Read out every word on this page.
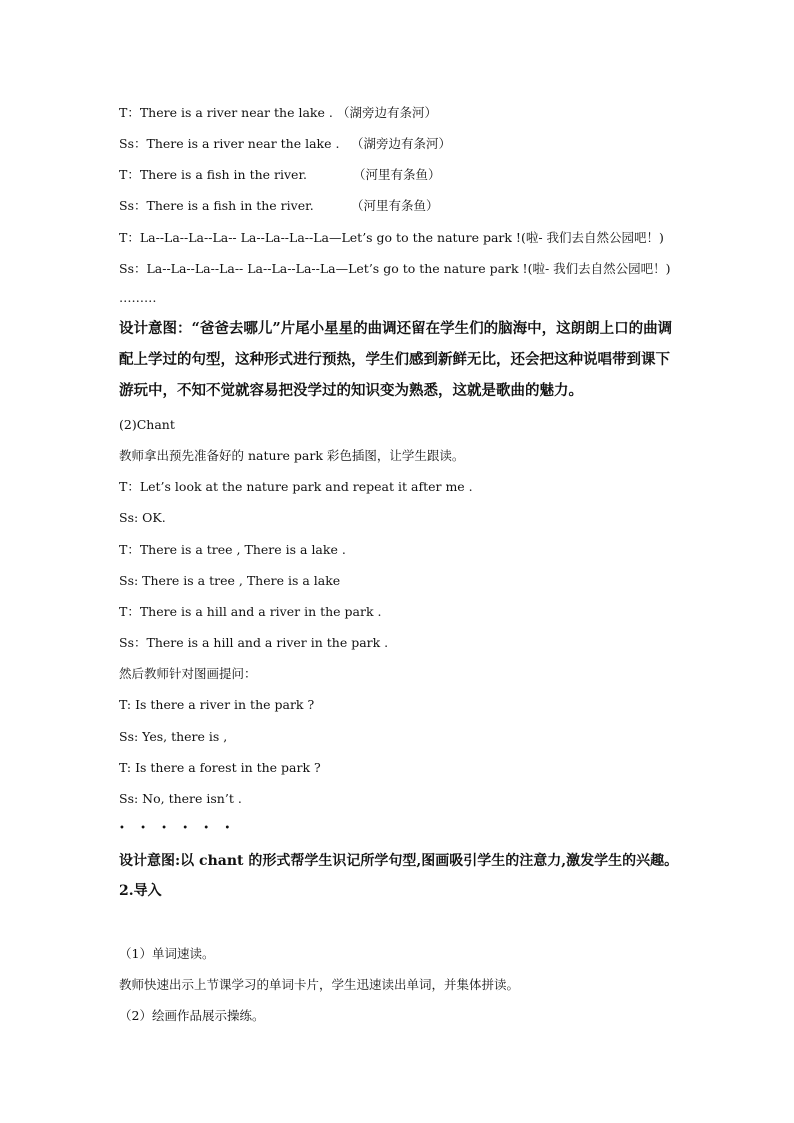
T：There is a river near the lake . （湖旁边有条河）
Ss：There is a river near the lake . （湖旁边有条河）
T：There is a fish in the river.	（河里有条鱼）
Ss：There is a fish in the river.	（河里有条鱼）
T：La--La--La--La-- La--La--La--La—Let’s go to the nature park !(啦- 我们去自然公园吧！)
Ss：La--La--La--La-- La--La--La--La—Let’s go to the nature park !(啦- 我们去自然公园吧！)
………
设计意图：“爸爸去哪儿”片尾小星星的曲调还留在学生们的脑海中，这朗朗上口的曲调配上学过的句型，这种形式进行预热，学生们感到新鲜无比，还会把这种说唱带到课下游玩中，不知不觉就容易把没学过的知识变为熟悉，这就是歌曲的魅力。
(2)Chant
教师拿出预先准备好的 nature park 彩色插图，让学生跟读。
T：Let’s look at the nature park and repeat it after me .
Ss: OK.
T：There is a tree , There is a lake .
Ss: There is a tree , There is a lake
T：There is a hill and a river in the park .
Ss：There is a hill and a river in the park .
然后教师针对图画提问：
T: Is there a river in the park ?
Ss: Yes, there is ,
T: Is there a forest in the park ?
Ss: No, there isn’t .
• • • • • •
设计意图:以 chant 的形式帮学生识记所学句型,图画吸引学生的注意力,激发学生的兴趣。
2.导入
（1）单词速读。
教师快速出示上节课学习的单词卡片，学生迅速读出单词，并集体拼读。
（2）绘画作品展示操练。
